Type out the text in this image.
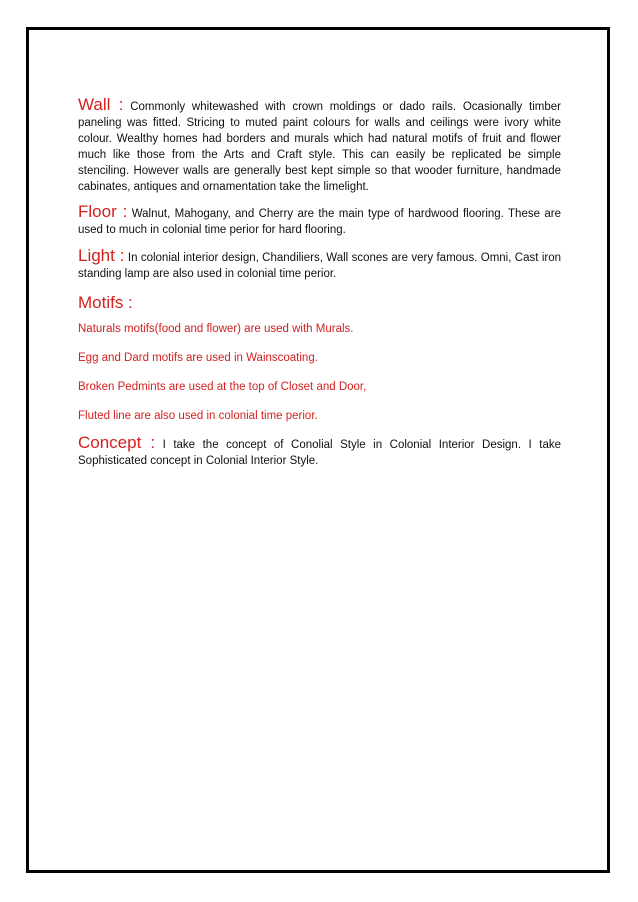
Wall : Commonly whitewashed with crown moldings or dado rails. Ocasionally timber paneling was fitted. Stricing to muted paint colours for walls and ceilings were ivory white colour. Wealthy homes had borders and murals which had natural motifs of fruit and flower much like those from the Arts and Craft style. This can easily be replicated be simple stenciling. However walls are generally best kept simple so that wooder furniture, handmade cabinates, antiques and ornamentation take the limelight.

Floor : Walnut, Mahogany, and Cherry are the main type of hardwood flooring. These are used to much in colonial time perior for hard flooring.

Light : In colonial interior design, Chandiliers, Wall scones are very famous. Omni, Cast iron standing lamp are also used in colonial time perior.

Motifs :

Naturals motifs(food and flower) are used with Murals.

Egg and Dard motifs are used in Wainscoating.

Broken Pedmints are used at the top of Closet and Door,

Fluted line are also used in colonial time perior.

Concept : I take the concept of Conolial Style in Colonial Interior Design. I take Sophisticated concept in Colonial Interior Style.
